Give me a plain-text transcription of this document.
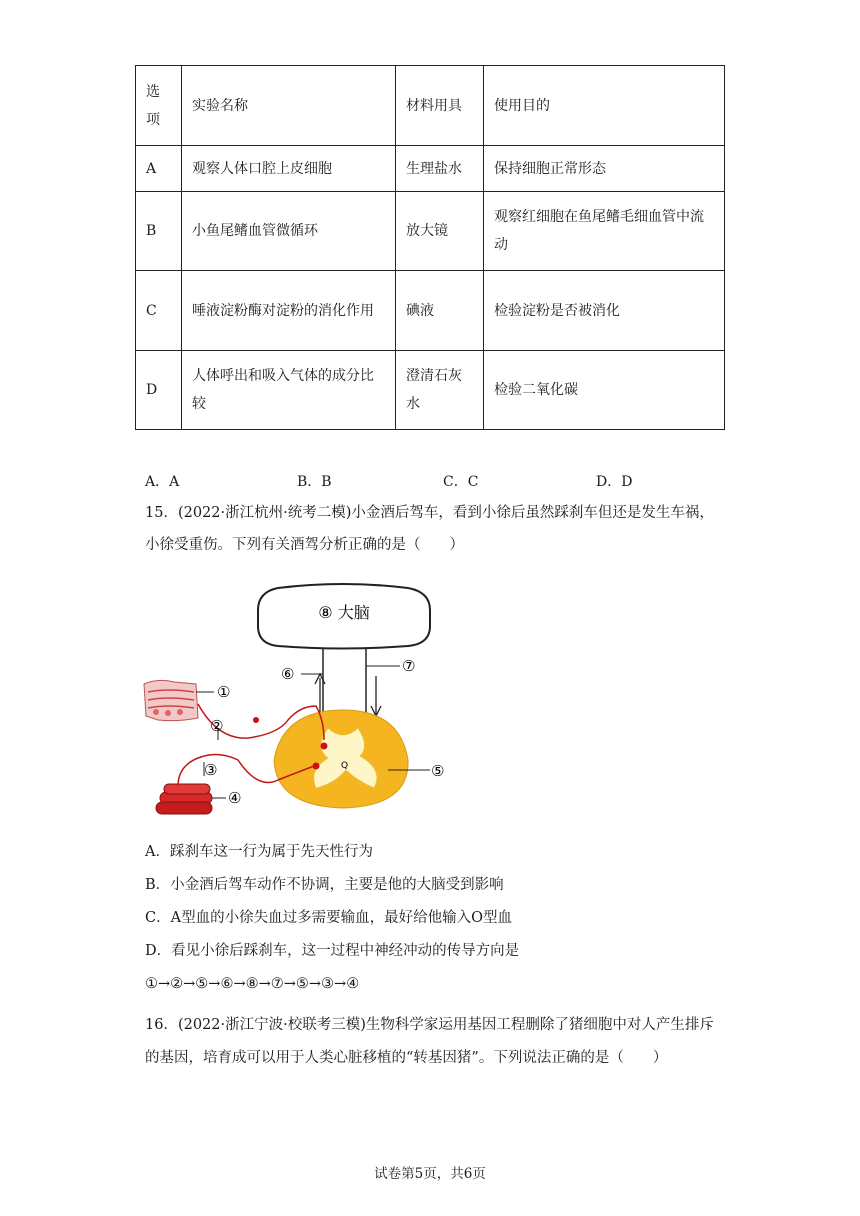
选项	实验名称	材料用具	使用目的
A	观察人体口腔上皮细胞	生理盐水	保持细胞正常形态
B	小鱼尾鳍血管微循环	放大镜	观察红细胞在鱼尾鳍毛细血管中流动
C	唾液淀粉酶对淀粉的消化作用	碘液	检验淀粉是否被消化
D	人体呼出和吸入气体的成分比较	澄清石灰水	检验二氧化碳
A．A	B．B	C．C	D．D

15．(2022·浙江杭州·统考二模)小金酒后驾车，看到小徐后虽然踩刹车但还是发生车祸，小徐受重伤。下列有关酒驾分析正确的是（　　）

⑧ 大脑
Q
①
②
③
④
⑤
⑥	⑦

A．踩刹车这一行为属于先天性行为

B．小金酒后驾车动作不协调，主要是他的大脑受到影响

C．A型血的小徐失血过多需要输血，最好给他输入O型血

D．看见小徐后踩刹车，这一过程中神经冲动的传导方向是

①→②→⑤→⑥→⑧→⑦→⑤→③→④

16．(2022·浙江宁波·校联考三模)生物科学家运用基因工程删除了猪细胞中对人产生排斥的基因，培育成可以用于人类心脏移植的“转基因猪”。下列说法正确的是（　　）

试卷第5页，共6页
